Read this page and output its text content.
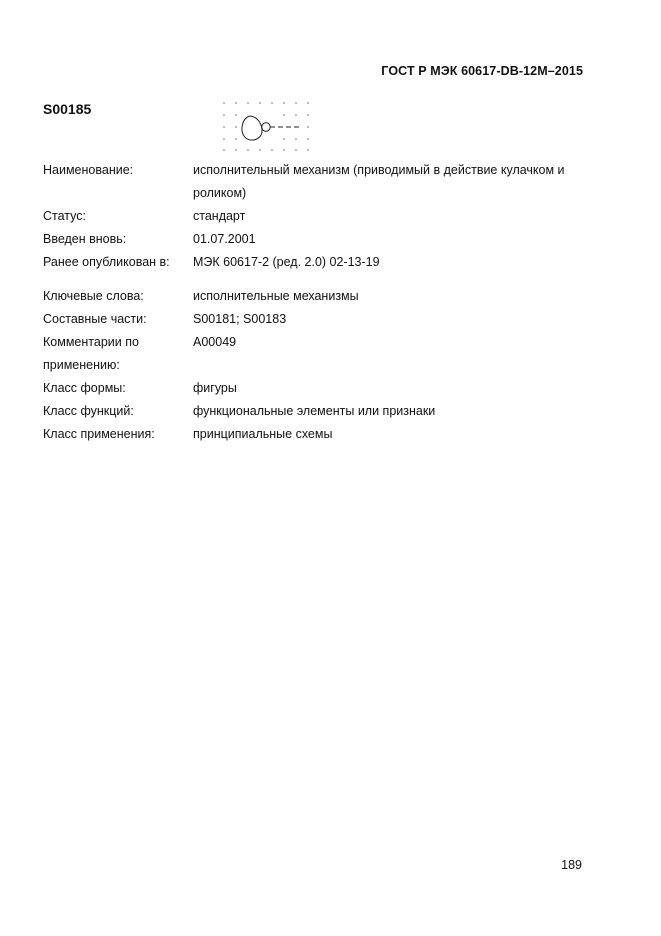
ГОСТ Р МЭК 60617-DB-12M–2015
S00185
Наименование:	исполнительный механизм (приводимый в действие кулачком и роликом)
Статус:	стандарт
Введен вновь:	01.07.2001
Ранее опубликован в:	МЭК 60617-2 (ред. 2.0) 02-13-19
Ключевые слова:	исполнительные механизмы
Составные части:	S00181; S00183
Комментарии по применению:
A00049
Класс формы:	фигуры
Класс функций:	функциональные элементы или признаки
Класс применения:	принципиальные схемы
189
